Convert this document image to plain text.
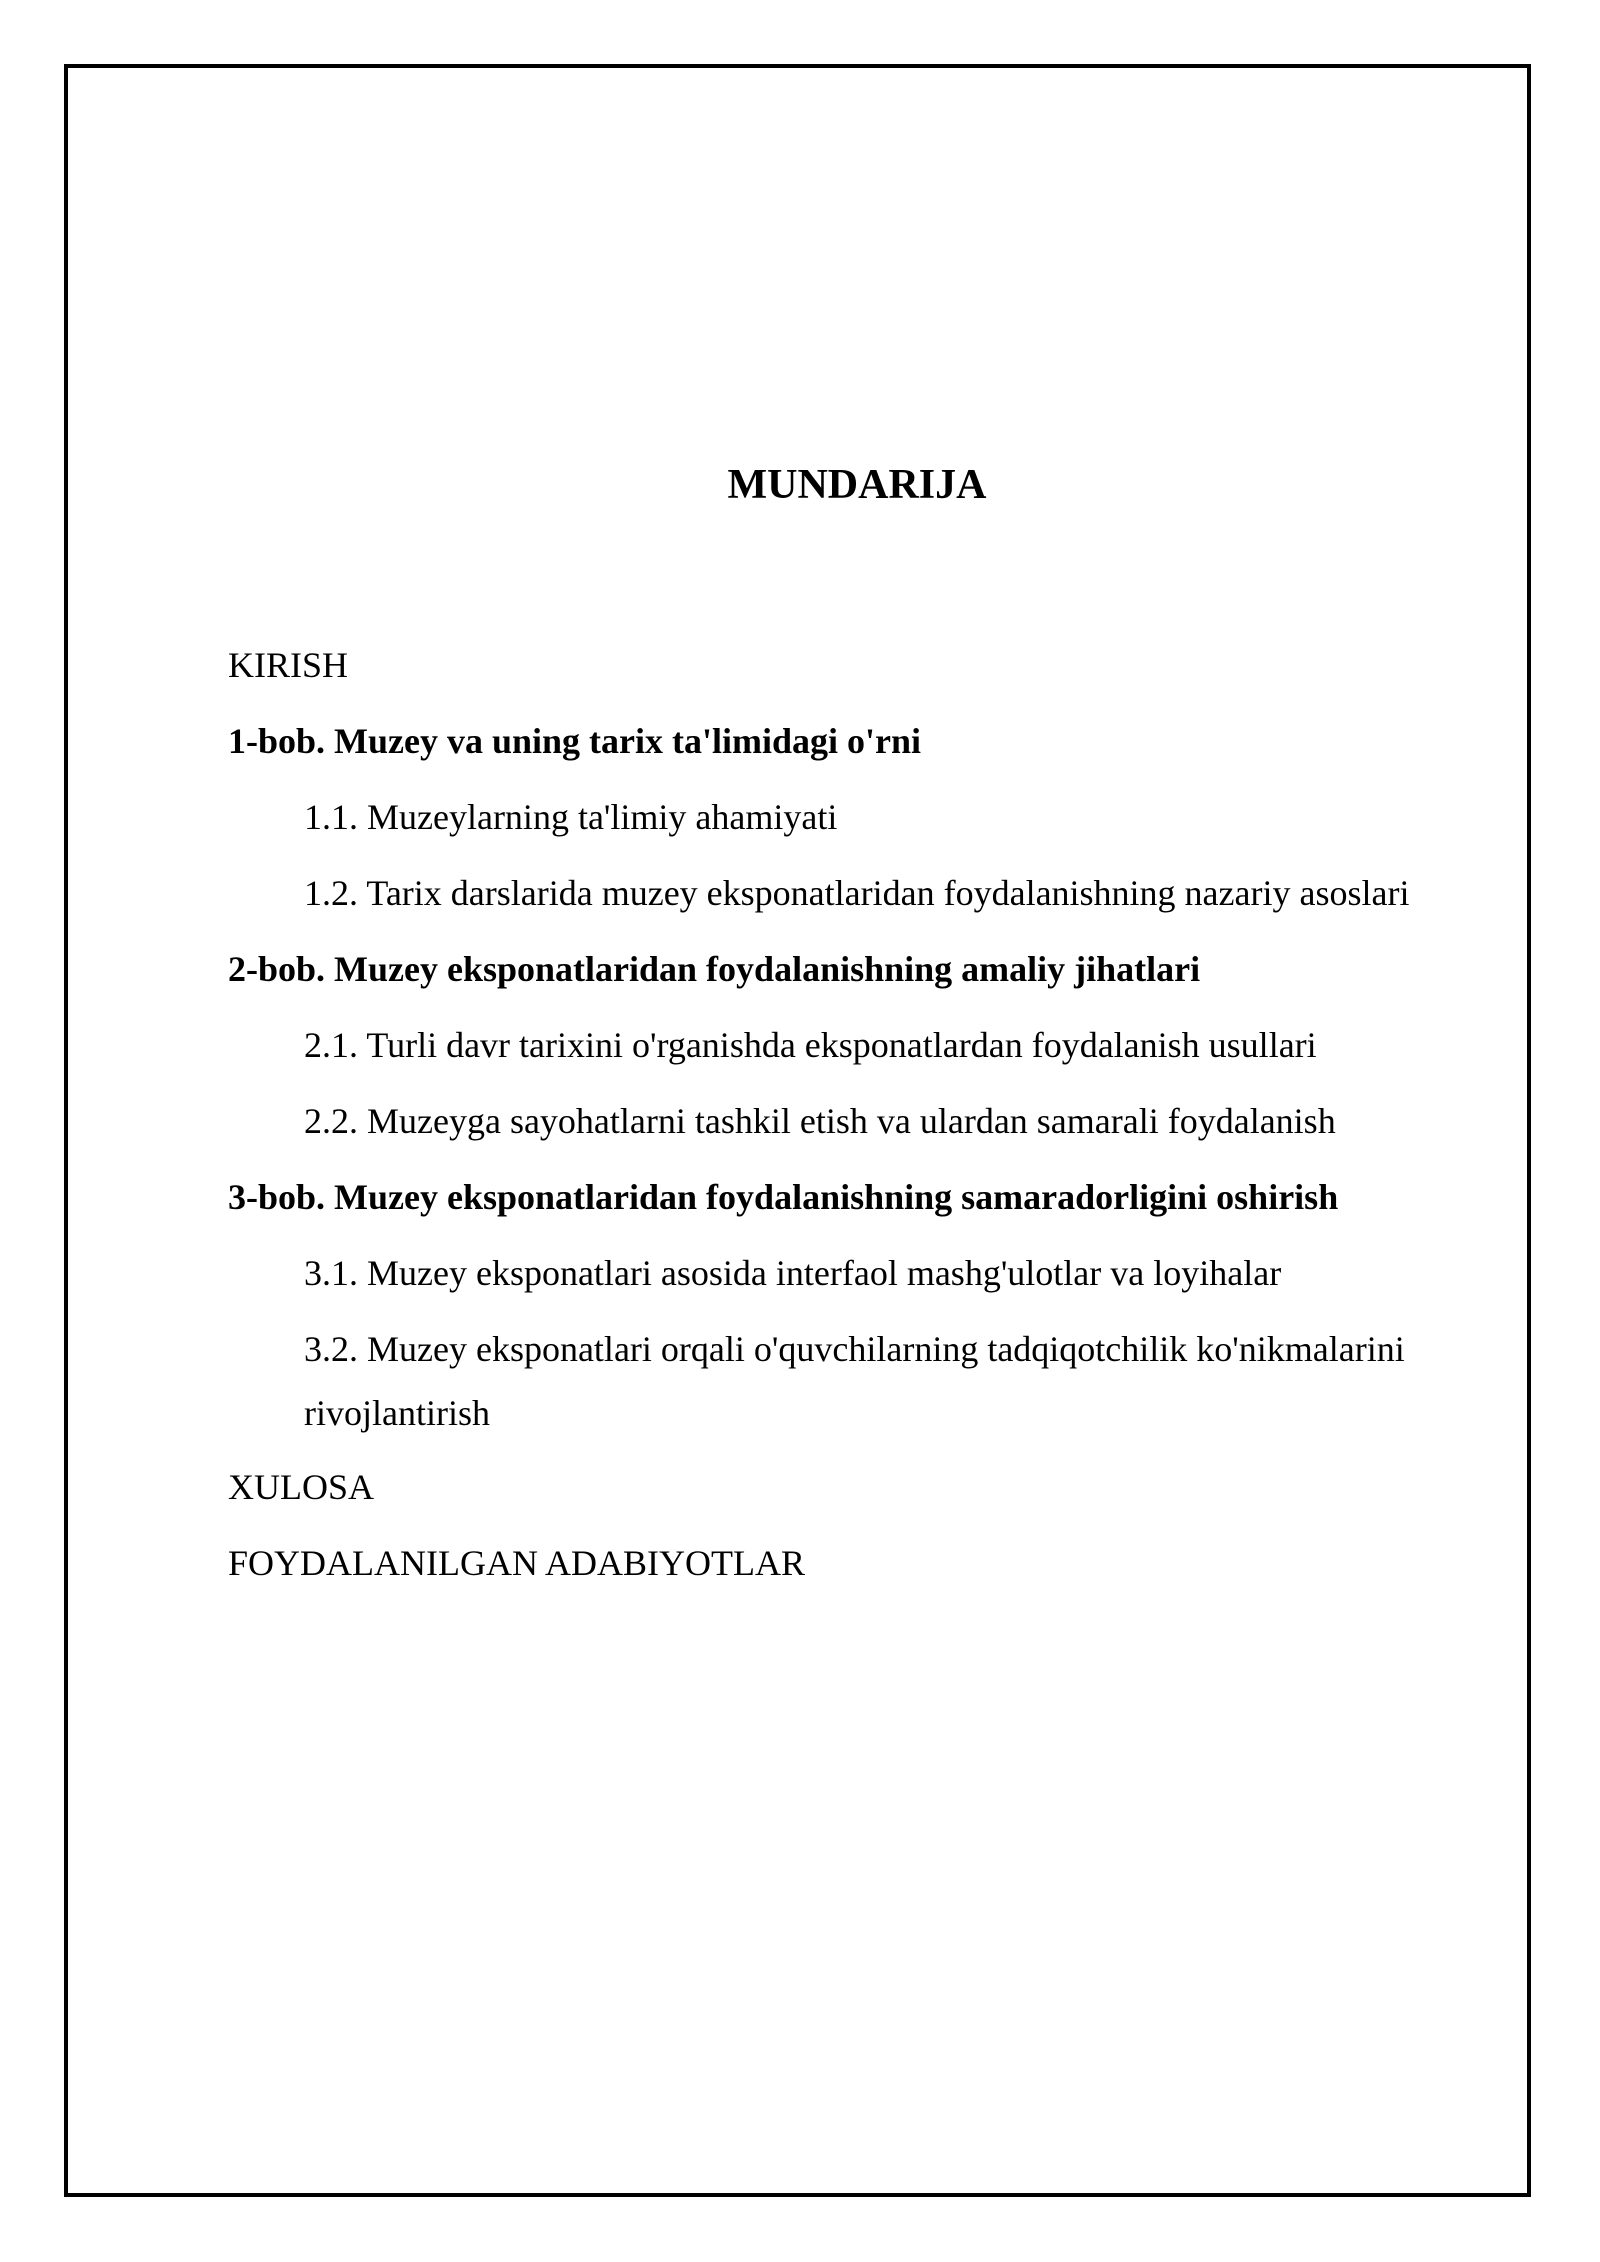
MUNDARIJA
KIRISH
1-bob. Muzey va uning tarix ta'limidagi o'rni
1.1. Muzeylarning ta'limiy ahamiyati
1.2. Tarix darslarida muzey eksponatlaridan foydalanishning nazariy asoslari
2-bob. Muzey eksponatlaridan foydalanishning amaliy jihatlari
2.1. Turli davr tarixini o'rganishda eksponatlardan foydalanish usullari
2.2. Muzeyga sayohatlarni tashkil etish va ulardan samarali foydalanish
3-bob. Muzey eksponatlaridan foydalanishning samaradorligini oshirish
3.1. Muzey eksponatlari asosida interfaol mashg'ulotlar va loyihalar
3.2. Muzey eksponatlari orqali o'quvchilarning tadqiqotchilik ko'nikmalarini rivojlantirish
XULOSA
FOYDALANILGAN ADABIYOTLAR
